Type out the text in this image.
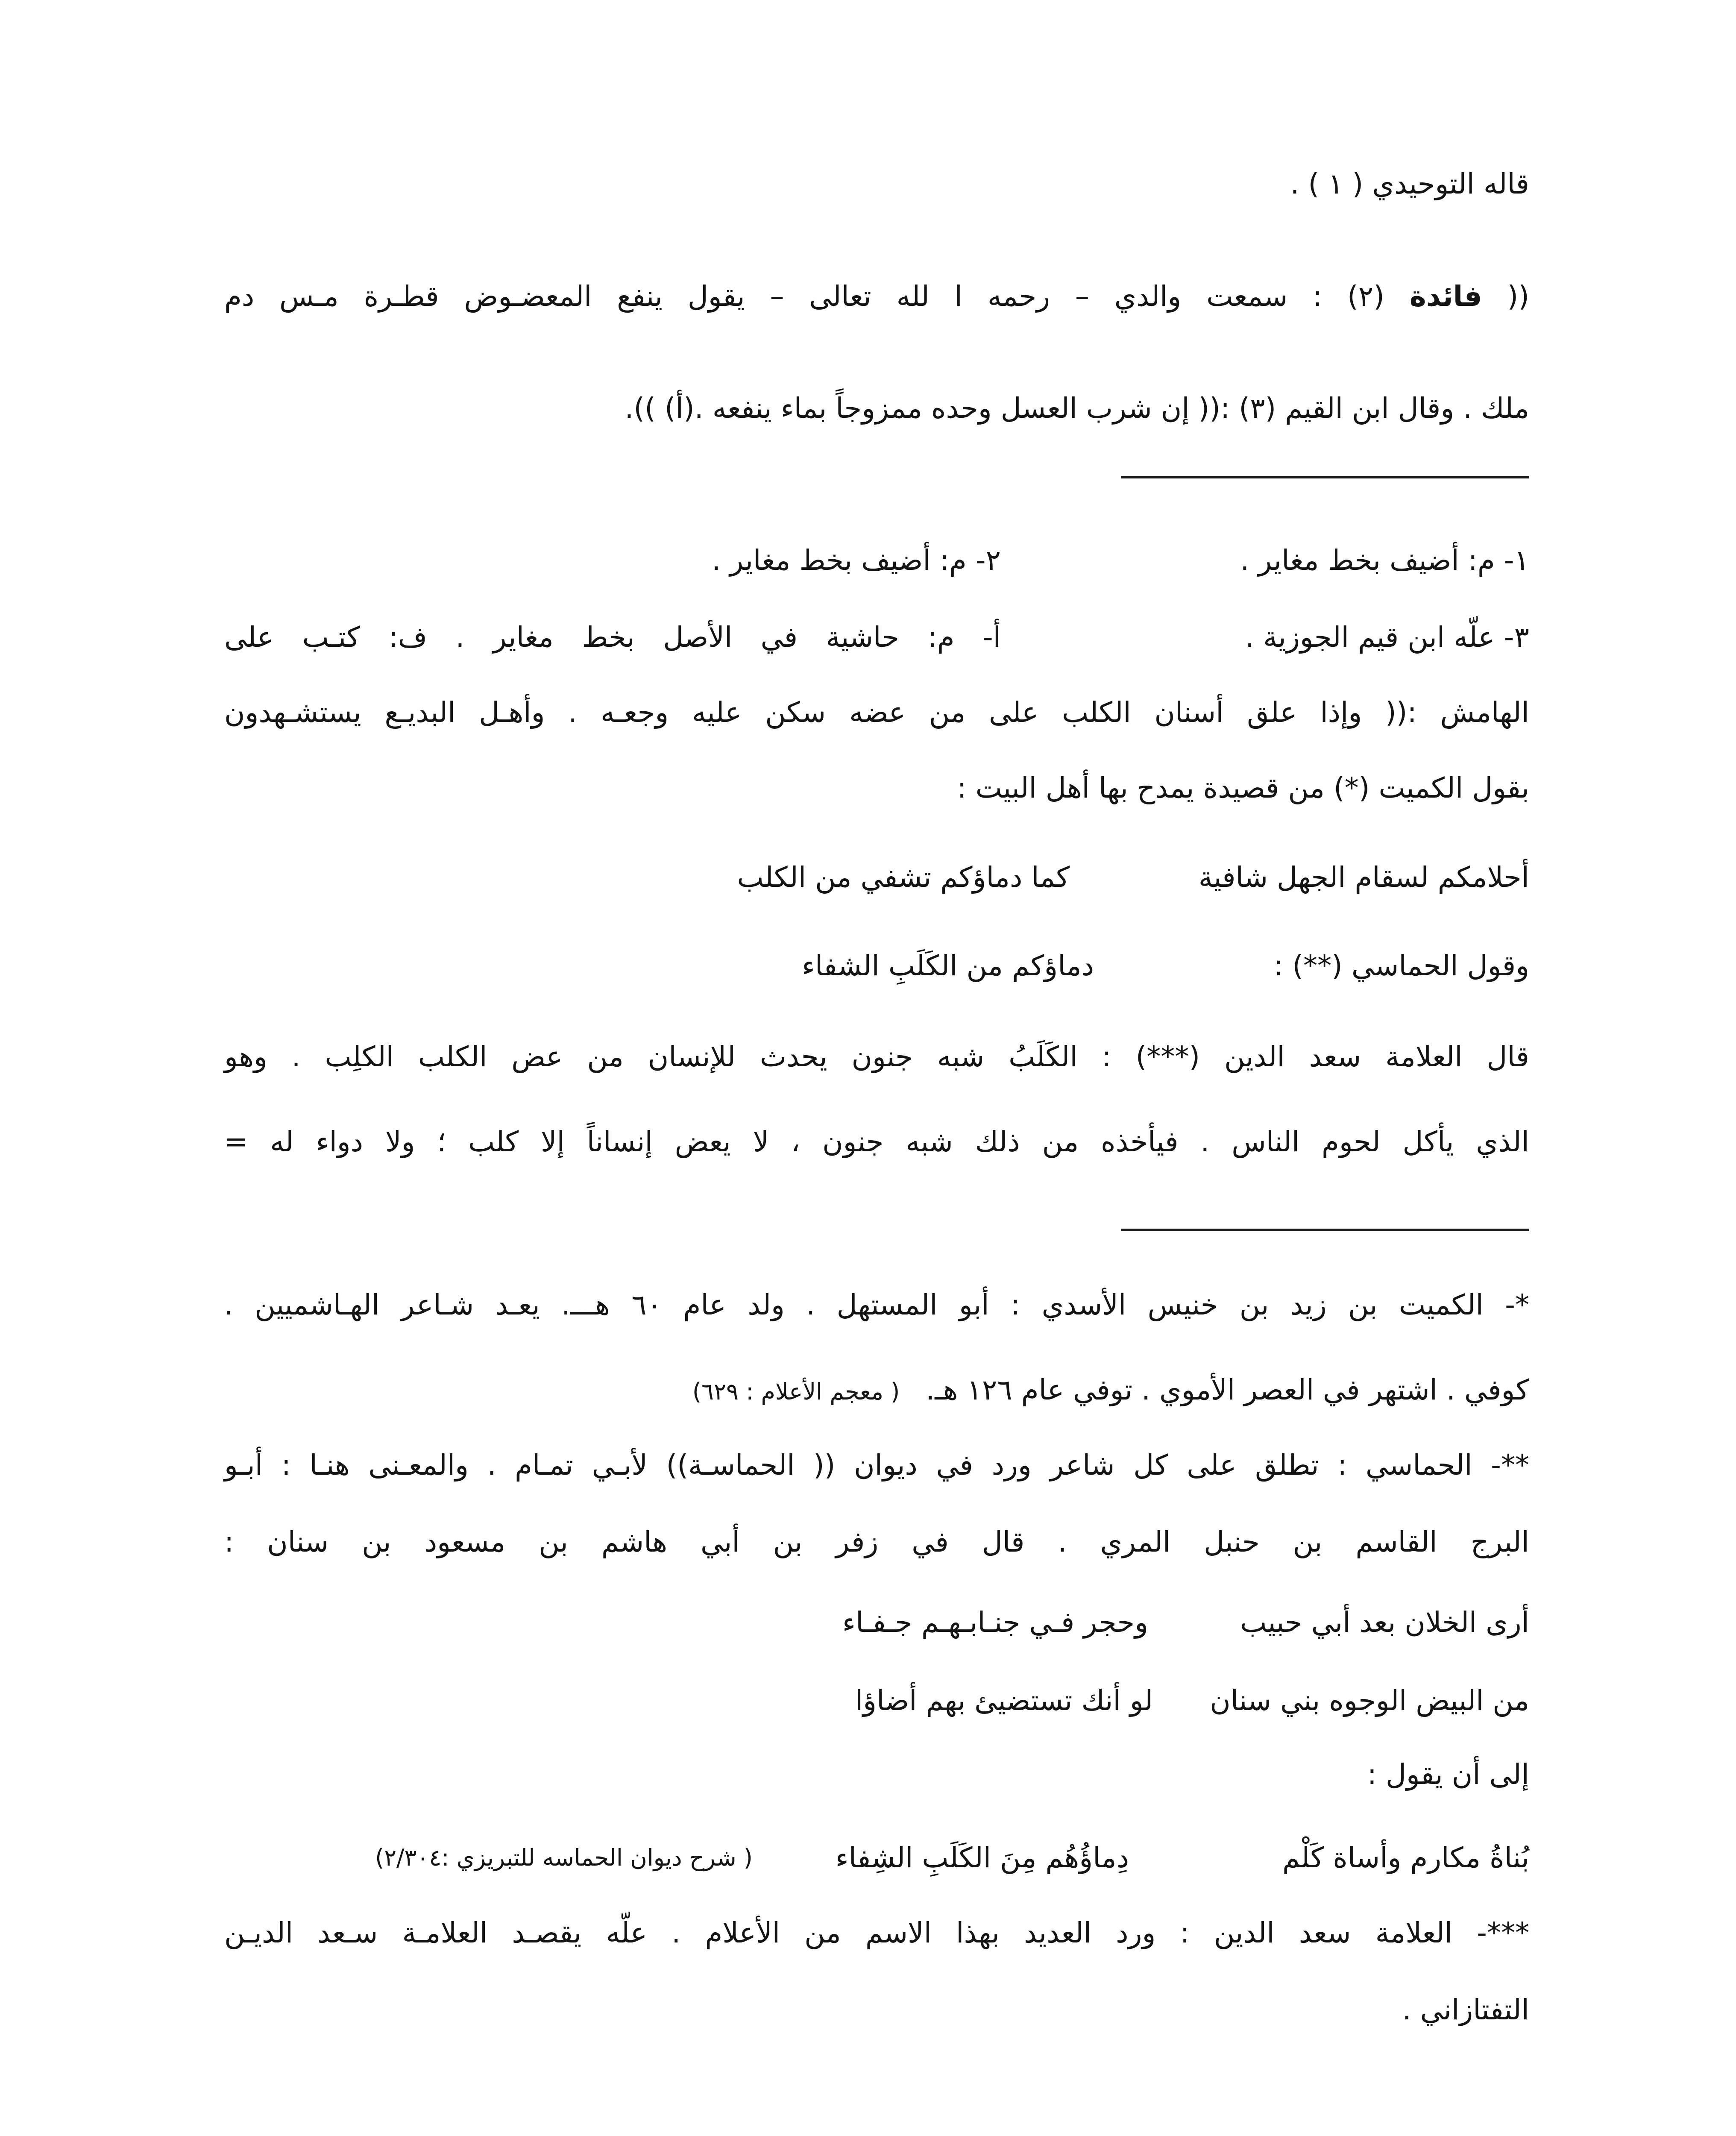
قاله التوحيدي ( ١ ) .
(( فائدة (٢) : سمعت والدي – رحمه ا لله تعالى – يقول ينفع المعضـوض قطـرة مـس دم
ملك . وقال ابن القيم (٣) :(( إن شرب العسل وحده ممزوجاً بماء ينفعه .(أ) )).
١- م: أضيف بخط مغاير .
٢- م: أضيف بخط مغاير .
٣- علّه ابن قيم الجوزية .
أ- م: حاشية في الأصل بخط مغاير . ف: كتـب على
الهامش :(( وإذا علق أسنان الكلب على من عضه سكن عليه وجعـه . وأهـل البديـع يستشـهدون
بقول الكميت (*) من قصيدة يمدح بها أهل البيت :
أحلامكم لسقام الجهل شافية
كما دماؤكم تشفي من الكلب
وقول الحماسي (**) :
دماؤكم من الكَلَبِ الشفاء
قال العلامة سعد الدين (***) : الكَلَبُ شبه جنون يحدث للإنسان من عض الكلب الكلِب . وهو
الذي يأكل لحوم الناس . فيأخذه من ذلك شبه جنون ، لا يعض إنساناً إلا كلب ؛ ولا دواء له =
*- الكميت بن زيد بن خنيس الأسدي : أبو المستهل . ولد عام ٦٠ هـــ. يعـد شـاعر الهـاشميين .
كوفي . اشتهر في العصر الأموي . توفي عام ١٢٦ هـ. ( معجم الأعلام : ٦٢٩)
**- الحماسي : تطلق على كل شاعر ورد في ديوان (( الحماسـة)) لأبـي تمـام . والمعـنى هنـا : أبـو
البرج القاسم بن حنبل المري . قال في زفر بن أبي هاشم بن مسعود بن سنان :
أرى الخلان بعد أبي حبيب
وحجر فـي جنـابـهـم جـفـاء
من البيض الوجوه بني سنان
لو أنك تستضيئ بهم أضاؤا
إلى أن يقول :
بُناةُ مكارم وأساة كَلْم
دِماؤُهُم مِنَ الكَلَبِ الشِفاء
( شرح ديوان الحماسه للتبريزي :٢/٣٠٤)
***- العلامة سعد الدين : ورد العديد بهذا الاسم من الأعلام . علّه يقصـد العلامـة سـعد الديـن
التفتازاني .
